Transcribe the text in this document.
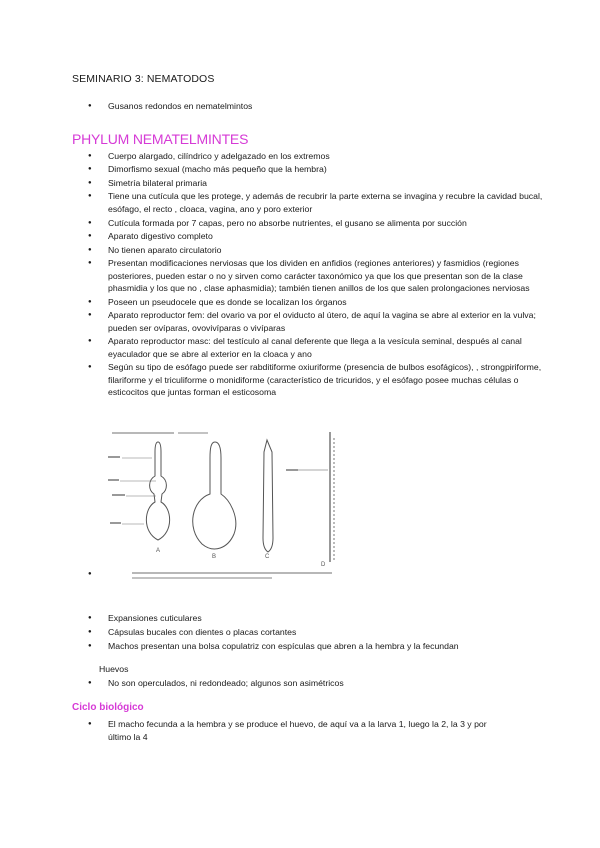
SEMINARIO 3: NEMATODOS
● Gusanos redondos en nematelmintos
PHYLUM NEMATELMINTES
● Cuerpo alargado, cilíndrico y adelgazado en los extremos
● Dimorfismo sexual (macho más pequeño que la hembra)
● Simetría bilateral primaria
● Tiene una cutícula que les protege, y además de recubrir la parte externa se invagina y recubre la cavidad bucal, esófago, el recto , cloaca, vagina, ano y poro exterior
● Cutícula formada por 7 capas, pero no absorbe nutrientes, el gusano se alimenta por succión
● Aparato digestivo completo
● No tienen aparato circulatorio
● Presentan modificaciones nerviosas que los dividen en anfidios (regiones anteriores) y fasmidios (regiones posteriores, pueden estar o no y sirven como carácter taxonómico ya que los que presentan son de la clase phasmidia y los que no , clase aphasmidia); también tienen anillos de los que salen prolongaciones nerviosas
● Poseen un pseudocele que es donde se localizan los órganos
● Aparato reproductor fem: del ovario va por el oviducto al útero, de aquí la vagina se abre al exterior en la vulva; pueden ser ovíparas, ovovivíparas o vivíparas
● Aparato reproductor masc: del testículo al canal deferente que llega a la vesícula seminal, después al canal eyaculador que se abre al exterior en la cloaca y ano
● Según su tipo de esófago puede ser rabditiforme oxiuriforme (presencia de bulbos esofágicos), , strongpiriforme, filariforme y el triculiforme o monidiforme (característico de tricuridos, y el esófago posee muchas células o esticocitos que juntas forman el esticosoma
A
B	C
D
●
● Expansiones cuticulares
● Cápsulas bucales con dientes o placas cortantes
● Machos presentan una bolsa copulatriz con espículas que abren a la hembra y la fecundan
Huevos
● No son operculados, ni redondeado; algunos son asimétricos
Ciclo biológico
● El macho fecunda a la hembra y se produce el huevo, de aquí va a la larva 1, luego la 2, la 3 y por último la 4
